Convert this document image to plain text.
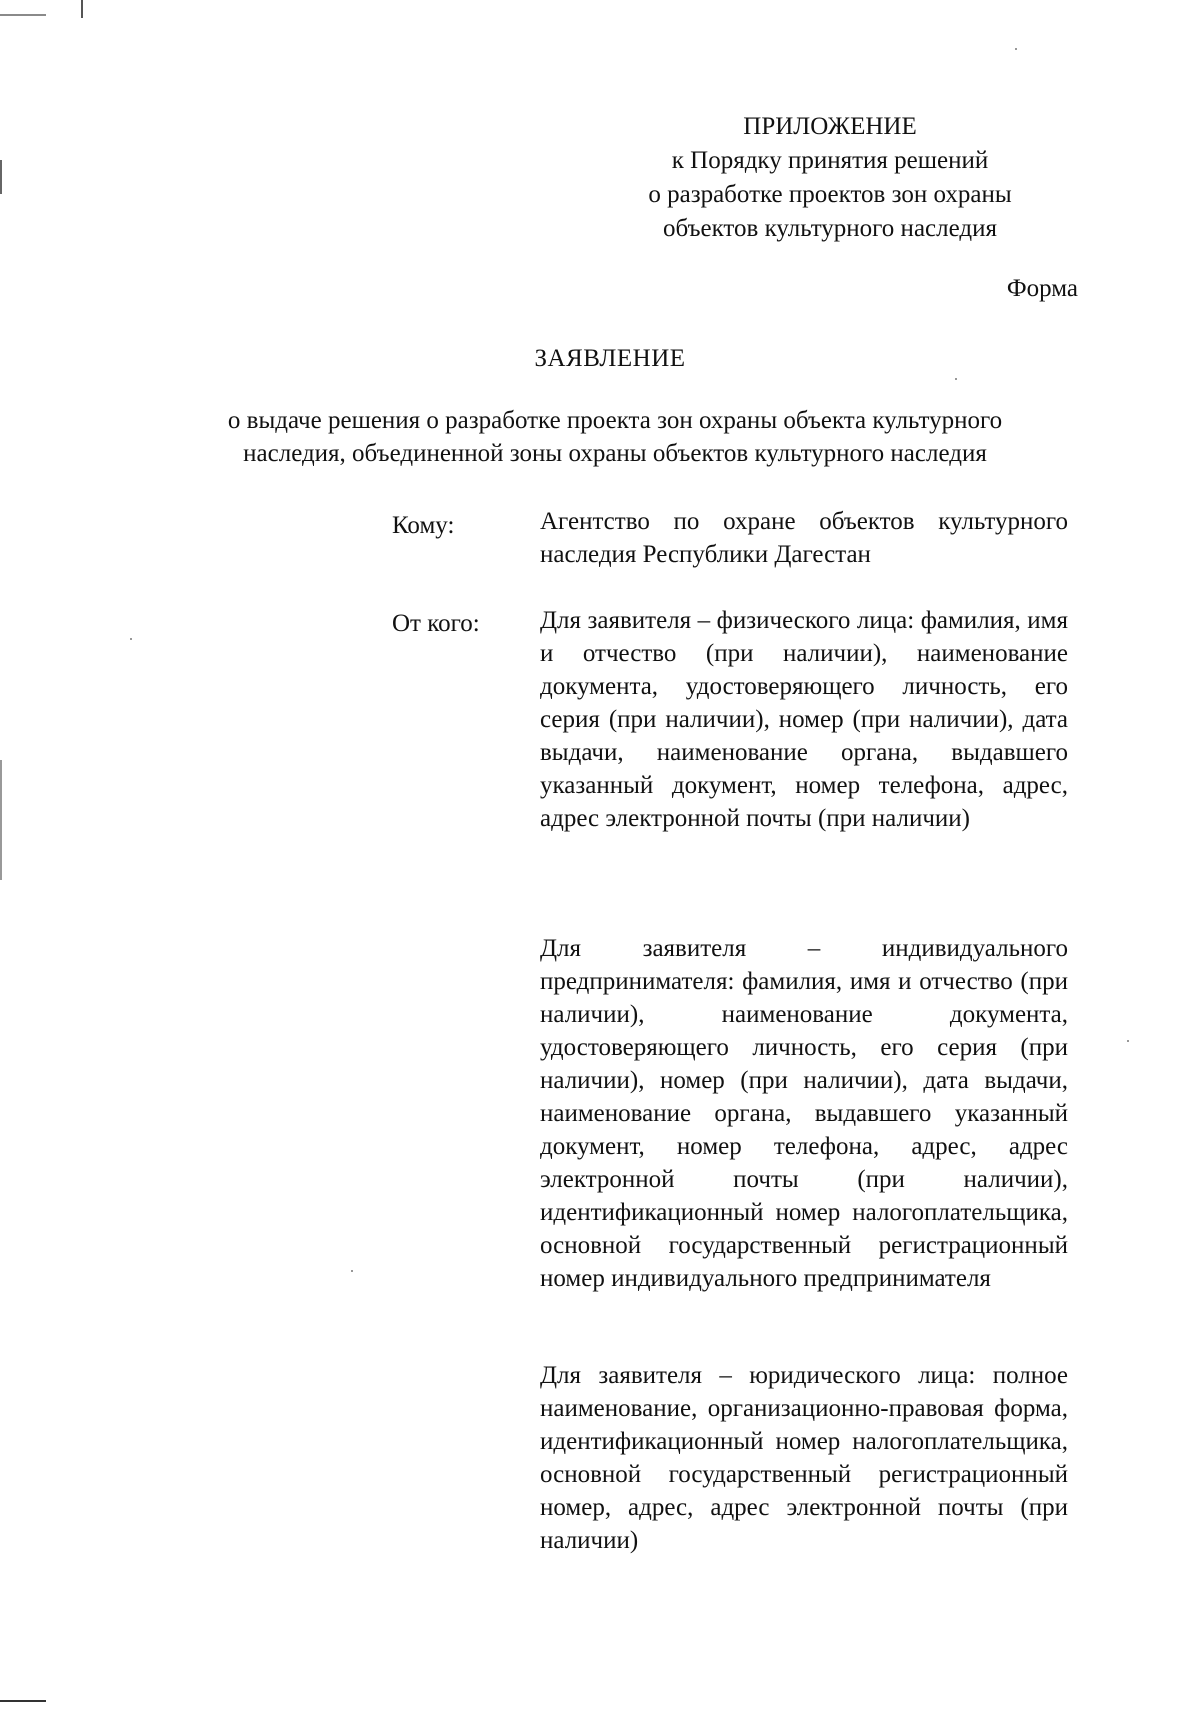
ПРИЛОЖЕНИЕ
к Порядку принятия решений
о разработке проектов зон охраны
объектов культурного наследия
Форма
ЗАЯВЛЕНИЕ
о выдаче решения о разработке проекта зон охраны объекта культурного
наследия, объединенной зоны охраны объектов культурного наследия
Кому:	Агентство по охране объектов культурного наследия Республики Дагестан
От кого: Для заявителя – физического лица: фамилия, имя и отчество (при наличии), наименование документа, удостоверяющего личность, его серия (при наличии), номер (при наличии), дата выдачи, наименование органа, выдавшего указанный документ, номер телефона, адрес, адрес электронной почты (при наличии)
Для заявителя – индивидуального предпринимателя: фамилия, имя и отчество (при наличии), наименование документа, удостоверяющего личность, его серия (при наличии), номер (при наличии), дата выдачи, наименование органа, выдавшего указанный документ, номер телефона, адрес, адрес электронной почты (при наличии), идентификационный номер налогоплательщика, основной государственный регистрационный номер индивидуального предпринимателя
Для заявителя – юридического лица: полное наименование, организационно-правовая форма, идентификационный номер налогоплательщика, основной государственный регистрационный номер, адрес, адрес электронной почты (при наличии)
